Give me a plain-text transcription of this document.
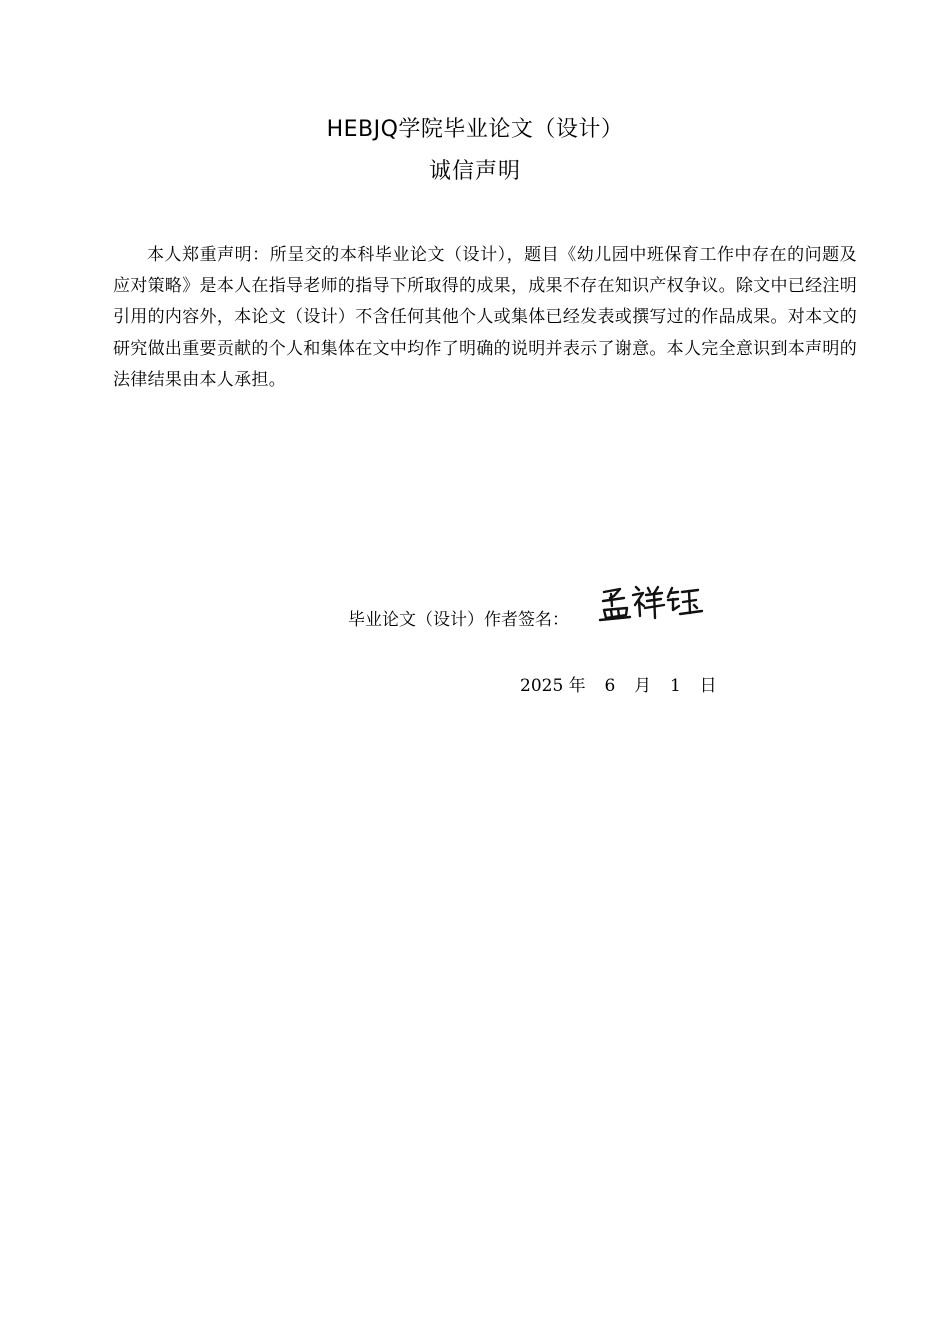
HEBJQ学院毕业论文（设计）
诚信声明

本人郑重声明：所呈交的本科毕业论文（设计），题目《幼儿园中班保育工作中存在的问题及应对策略》是本人在指导老师的指导下所取得的成果，成果不存在知识产权争议。除文中已经注明引用的内容外，本论文（设计）不含任何其他个人或集体已经发表或撰写过的作品成果。对本文的研究做出重要贡献的个人和集体在文中均作了明确的说明并表示了谢意。本人完全意识到本声明的法律结果由本人承担。

毕业论文（设计）作者签名：
2025 年 6 月 1 日
